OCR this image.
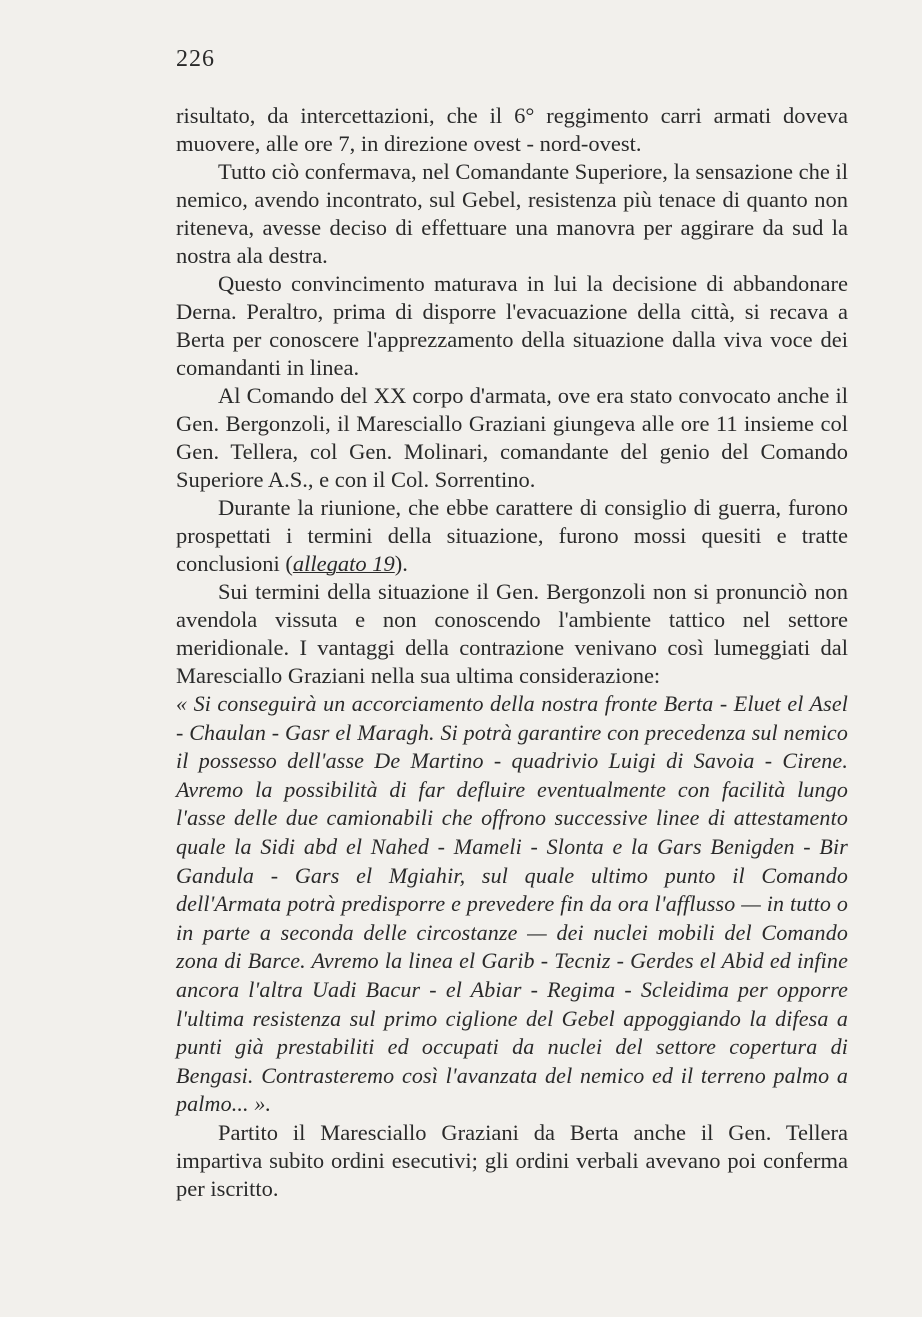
226

risultato, da intercettazioni, che il 6° reggimento carri armati doveva muovere, alle ore 7, in direzione ovest - nord-ovest.

Tutto ciò confermava, nel Comandante Superiore, la sensazione che il nemico, avendo incontrato, sul Gebel, resistenza più tenace di quanto non riteneva, avesse deciso di effettuare una manovra per aggirare da sud la nostra ala destra.

Questo convincimento maturava in lui la decisione di abbandonare Derna. Peraltro, prima di disporre l'evacuazione della città, si recava a Berta per conoscere l'apprezzamento della situazione dalla viva voce dei comandanti in linea.

Al Comando del XX corpo d'armata, ove era stato convocato anche il Gen. Bergonzoli, il Maresciallo Graziani giungeva alle ore 11 insieme col Gen. Tellera, col Gen. Molinari, comandante del genio del Comando Superiore A.S., e con il Col. Sorrentino.

Durante la riunione, che ebbe carattere di consiglio di guerra, furono prospettati i termini della situazione, furono mossi quesiti e tratte conclusioni (allegato 19).

Sui termini della situazione il Gen. Bergonzoli non si pronunciò non avendola vissuta e non conoscendo l'ambiente tattico nel settore meridionale. I vantaggi della contrazione venivano così lumeggiati dal Maresciallo Graziani nella sua ultima considerazione:

« Si conseguirà un accorciamento della nostra fronte Berta - Eluet el Asel - Chaulan - Gasr el Maragh. Si potrà garantire con precedenza sul nemico il possesso dell'asse De Martino - quadrivio Luigi di Savoia - Cirene. Avremo la possibilità di far defluire eventualmente con facilità lungo l'asse delle due camionabili che offrono successive linee di attestamento quale la Sidi abd el Nahed - Mameli - Slonta e la Gars Benigden - Bir Gandula - Gars el Mgiahir, sul quale ultimo punto il Comando dell'Armata potrà predisporre e prevedere fin da ora l'afflusso — in tutto o in parte a seconda delle circostanze — dei nuclei mobili del Comando zona di Barce. Avremo la linea el Garib - Tecniz - Gerdes el Abid ed infine ancora l'altra Uadi Bacur - el Abiar - Regima - Scleidima per opporre l'ultima resistenza sul primo ciglione del Gebel appoggiando la difesa a punti già prestabiliti ed occupati da nuclei del settore copertura di Bengasi. Contrasteremo così l'avanzata del nemico ed il terreno palmo a palmo... ».

Partito il Maresciallo Graziani da Berta anche il Gen. Tellera impartiva subito ordini esecutivi; gli ordini verbali avevano poi conferma per iscritto.
